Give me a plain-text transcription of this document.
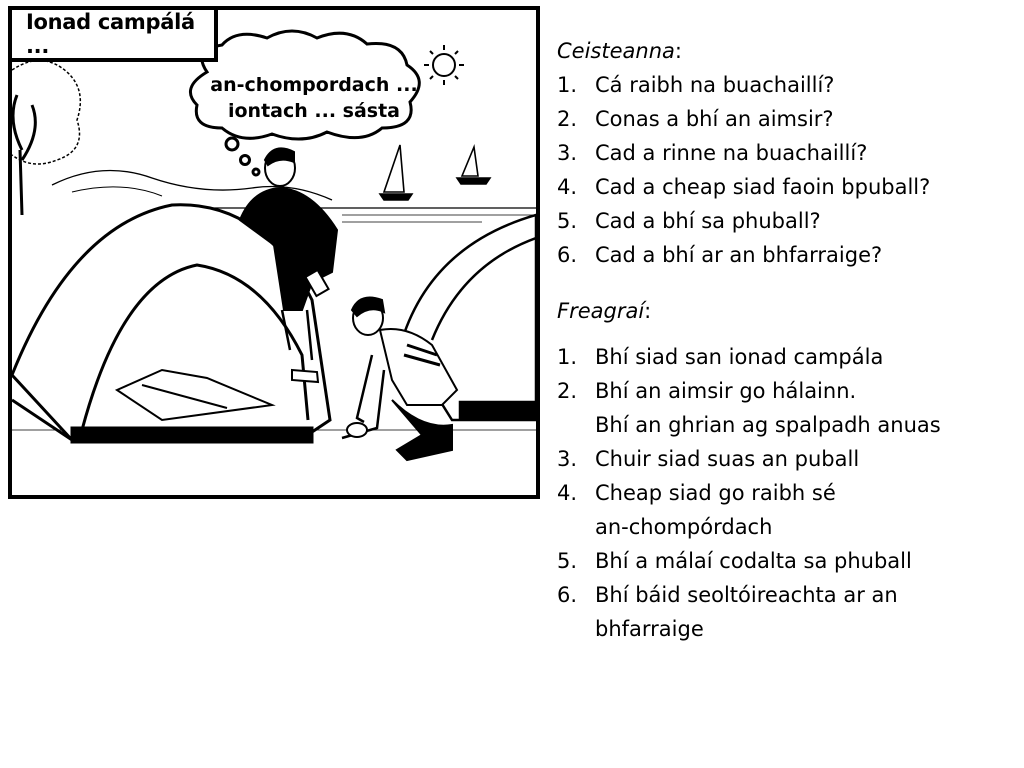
Ionad campálá ...
an-chompordach ...
iontach ... sásta
Ceisteanna:
1. Cá raibh na buachaillí?
2. Conas a bhí an aimsir?
3. Cad a rinne na buachaillí?
4. Cad a cheap siad faoin bpuball?
5. Cad a bhí sa phuball?
6. Cad a bhí ar an bhfarraige?
Freagraí:
1. Bhí siad san ionad campála
2. Bhí an aimsir go hálainn.
Bhí an ghrian ag spalpadh anuas
3. Chuir siad suas an puball
4. Cheap siad go raibh sé
an-chompórdach
5. Bhí a málaí codalta sa phuball
6. Bhí báid seoltóireachta ar an
bhfarraige
